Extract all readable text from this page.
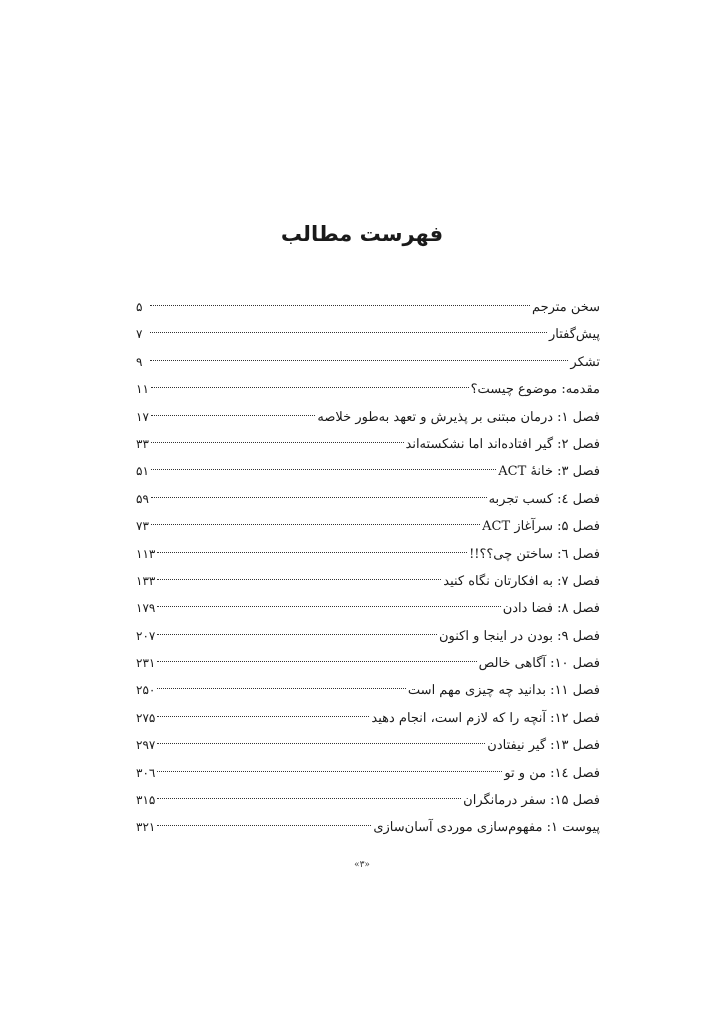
فهرست مطالب
سخن مترجم
۵
پیش‌گفتار
۷
تشکر
۹
مقدمه: موضوع چیست؟
۱۱
فصل ۱: درمان مبتنی بر پذیرش و تعهد به‌طور خلاصه
۱۷
فصل ۲: گیر افتاده‌اند اما نشکسته‌اند
۳۳
فصل ۳: خانهٔ ACT
۵۱
فصل ٤: کسب تجربه
۵۹
فصل ۵: سرآغاز ACT
۷۳
فصل ٦: ساختن چی؟؟!!
۱۱۳
فصل ۷: به افکارتان نگاه کنید
۱۳۳
فصل ۸: فضا دادن
۱۷۹
فصل ۹: بودن در اینجا و اکنون
۲۰۷
فصل ۱۰: آگاهی خالص
۲۳۱
فصل ۱۱: بدانید چه چیزی مهم است
۲۵۰
فصل ۱۲: آنچه را که لازم است، انجام دهید
۲۷۵
فصل ۱۳: گیر نیفتادن
۲۹۷
فصل ١٤: من و تو
۳۰٦
فصل ۱۵: سفر درمانگران
۳۱۵
پیوست ۱: مفهوم‌سازی موردی آسان‌سازی
۳۲۱
«۳»
